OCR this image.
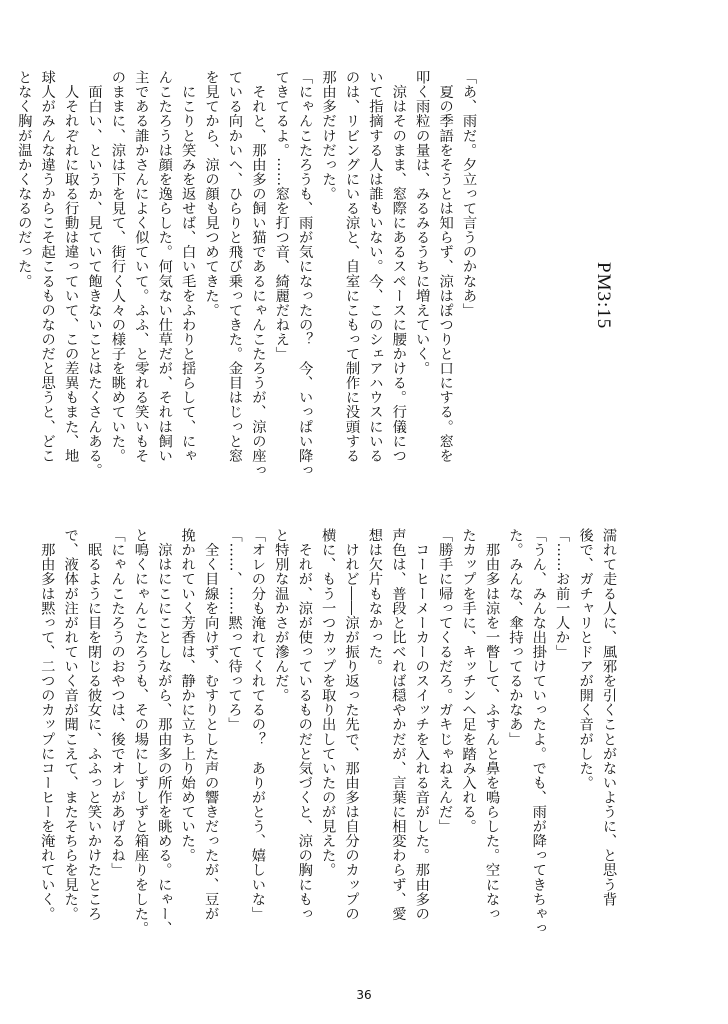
PM3:15
「あ、雨だ。夕立って言うのかなあ」
　夏の季語をそうとは知らず、涼はぽつりと口にする。窓を
叩く雨粒の量は、みるみるうちに増えていく。
　涼はそのまま、窓際にあるスペースに腰かける。行儀につ
いて指摘する人は誰もいない。今、このシェアハウスにいる
のは、リビングにいる涼と、自室にこもって制作に没頭する
那由多だけだった。
「にゃんこたろうも、雨が気になったの？　今、いっぱい降っ
てきてるよ。……窓を打つ音、綺麗だねえ」
　それと、那由多の飼い猫であるにゃんこたろうが、涼の座っ
ている向かいへ、ひらりと飛び乗ってきた。金目はじっと窓
を見てから、涼の顔も見つめてきた。
　にこりと笑みを返せば、白い毛をふわりと揺らして、にゃ
んこたろうは顔を逸らした。何気ない仕草だが、それは飼い
主である誰かさんによく似ていて。ふふ、と零れる笑いもそ
のままに、涼は下を見て、街行く人々の様子を眺めていた。
　面白い、というか、見ていて飽きないことはたくさんある。
　人それぞれに取る行動は違っていて、この差異もまた、地
球人がみんな違うからこそ起こるものなのだと思うと、どこ
となく胸が温かくなるのだった。
濡れて走る人に、風邪を引くことがないように、と思う背
後で、ガチャリとドアが開く音がした。
「……お前一人か」
「うん、みんな出掛けていったよ。でも、雨が降ってきちゃっ
た。みんな、傘持ってるかなあ」
　那由多は涼を一瞥して、ふすんと鼻を鳴らした。空になっ
たカップを手に、キッチンへ足を踏み入れる。
「勝手に帰ってくるだろ。ガキじゃねえんだ」
　コーヒーメーカーのスイッチを入れる音がした。那由多の
声色は、普段と比べれば穏やかだが、言葉に相変わらず、愛
想は欠片もなかった。
　けれど――涼が振り返った先で、那由多は自分のカップの
横に、もう一つカップを取り出していたのが見えた。
　それが、涼が使っているものだと気づくと、涼の胸にもっ
と特別な温かさが滲んだ。
「オレの分も淹れてくれてるの？　ありがとう、嬉しいな」
「……、……黙って待ってろ」
　全く目線を向けず、むすりとした声の響きだったが、豆が
挽かれていく芳香は、静かに立ち上り始めていた。
　涼はにこにことしながら、那由多の所作を眺める。にゃー、
と鳴くにゃんこたろうも、その場にしずしずと箱座りをした。
「にゃんこたろうのおやつは、後でオレがあげるね」
　眠るように目を閉じる彼女に、ふふっと笑いかけたところ
で、液体が注がれていく音が聞こえて、またそちらを見た。
　那由多は黙って、二つのカップにコーヒーを淹れていく。
36
